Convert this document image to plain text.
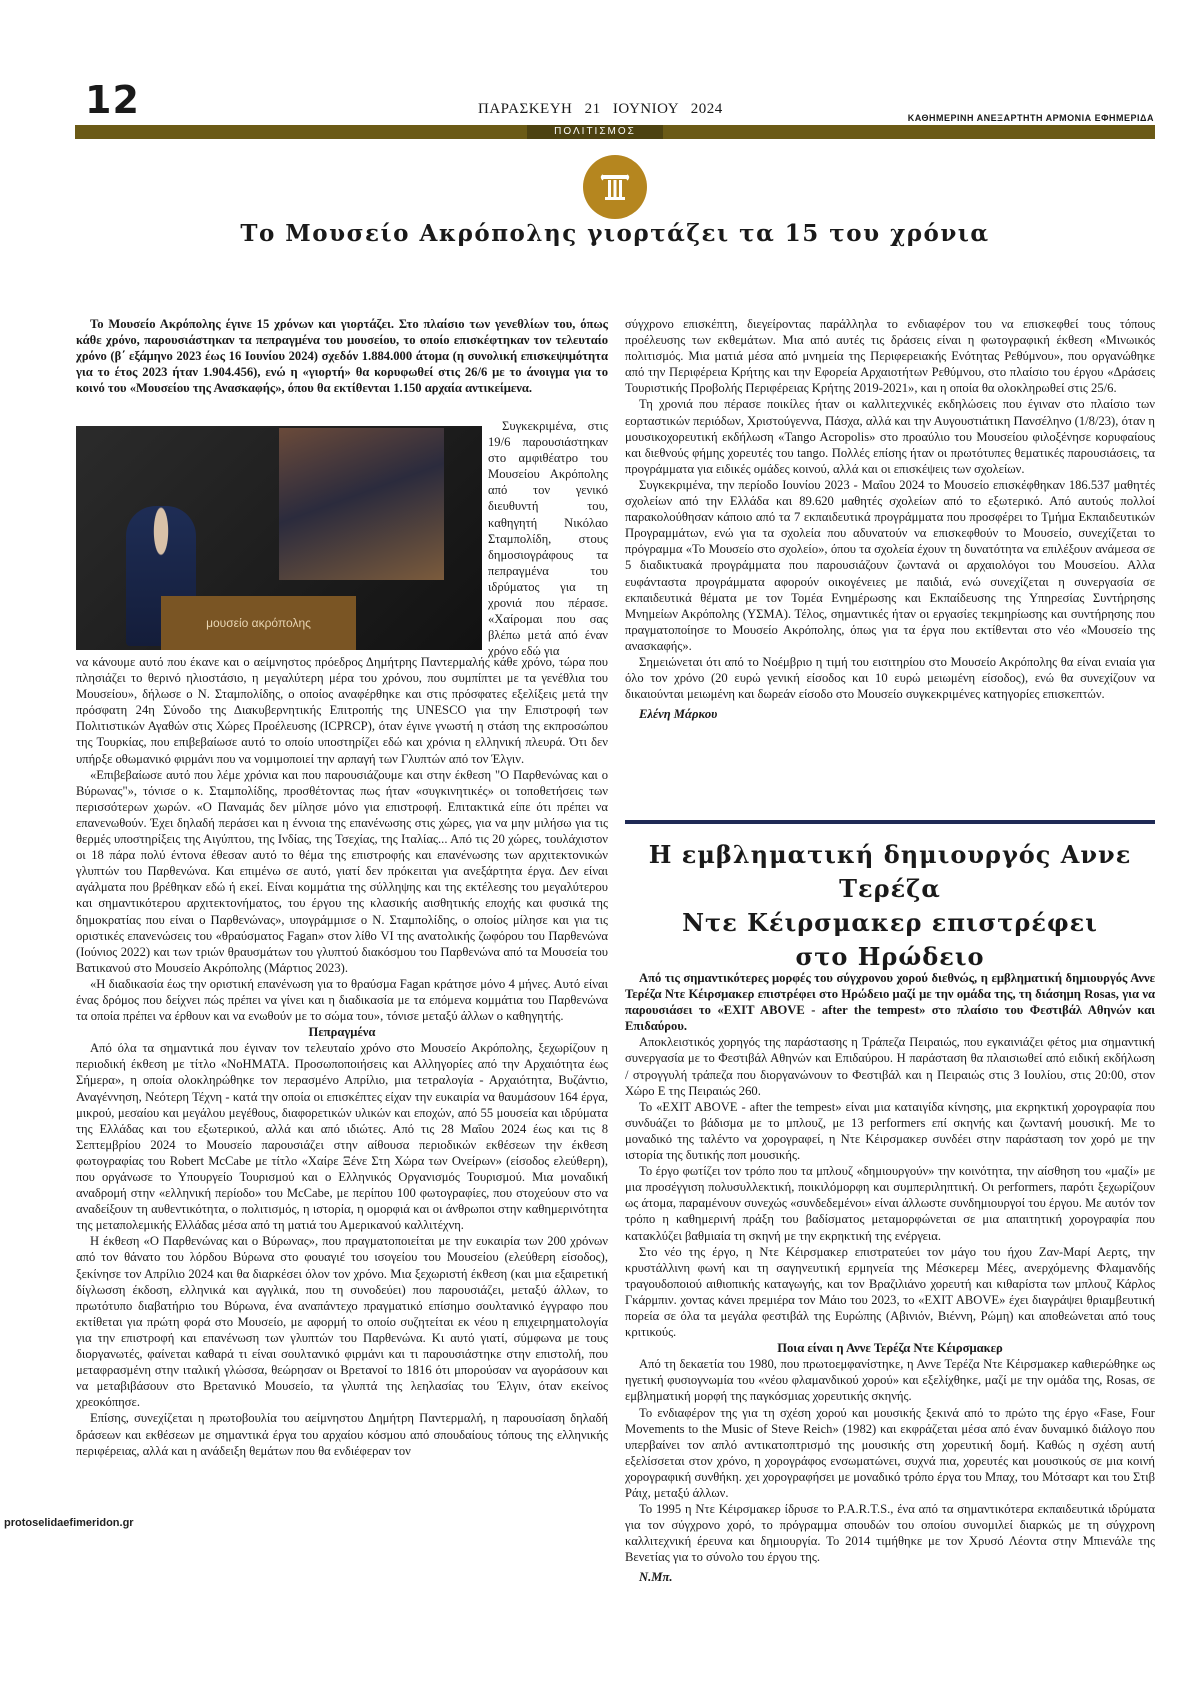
12	ΠΑΡΑΣΚΕΥΗ 21 ΙΟΥΝΙΟΥ 2024
ΚΑΘΗΜΕΡΙΝΗ ΑΝΕΞΑΡΤΗΤΗ ΑΡΜΟΝΙΑ ΕΦΗΜΕΡΙΔΑ
ΠΟΛΙΤΙΣΜΟΣ
Το Μουσείο Ακρόπολης γιορτάζει τα 15 του χρόνια

Το Μουσείο Ακρόπολης έγινε 15 χρόνων και γιορτάζει. Στο πλαίσιο των γενεθλίων του, όπως κάθε χρόνο, παρουσιάστηκαν τα πεπραγμένα του μουσείου, το οποίο επισκέφτηκαν τον τελευταίο χρόνο (β΄ εξάμηνο 2023 έως 16 Ιουνίου 2024) σχεδόν 1.884.000 άτομα (η συνολική επισκεψιμότητα για το έτος 2023 ήταν 1.904.456), ενώ η «γιορτή» θα κορυφωθεί στις 26/6 με το άνοιγμα για το κοινό του «Μουσείου της Ανασκαφής», όπου θα εκτίθενται 1.150 αρχαία αντικείμενα.

μουσείο ακρόπολης

Συγκεκριμένα, στις 19/6 παρουσιάστηκαν στο αμφιθέατρο του Μουσείου Ακρόπολης από τον γενικό διευθυντή του, καθηγητή Νικόλαο Σταμπολίδη, στους δημοσιογράφους τα πεπραγμένα του ιδρύματος για τη χρονιά που πέρασε. «Χαίρομαι που σας βλέπω μετά από έναν χρόνο εδώ για

να κάνουμε αυτό που έκανε και ο αείμνηστος πρόεδρος Δημήτρης Παντερμαλής κάθε χρόνο, τώρα που πλησιάζει το θερινό ηλιοστάσιο, η μεγαλύτερη μέρα του χρόνου, που συμπίπτει με τα γενέθλια του Μουσείου», δήλωσε ο Ν. Σταμπολίδης, ο οποίος αναφέρθηκε και στις πρόσφατες εξελίξεις μετά την πρόσφατη 24η Σύνοδο της Διακυβερνητικής Επιτροπής της UNESCO για την Επιστροφή των Πολιτιστικών Αγαθών στις Χώρες Προέλευσης (ICPRCP), όταν έγινε γνωστή η στάση της εκπροσώπου της Τουρκίας, που επιβεβαίωσε αυτό το οποίο υποστηρίζει εδώ και χρόνια η ελληνική πλευρά. Ότι δεν υπήρξε οθωμανικό φιρμάνι που να νομιμοποιεί την αρπαγή των Γλυπτών από τον Έλγιν.

«Επιβεβαίωσε αυτό που λέμε χρόνια και που παρουσιάζουμε και στην έκθεση "Ο Παρθενώνας και ο Βύρωνας"», τόνισε ο κ. Σταμπολίδης, προσθέτοντας πως ήταν «συγκινητικές» οι τοποθετήσεις των περισσότερων χωρών. «Ο Παναμάς δεν μίλησε μόνο για επιστροφή. Επιτακτικά είπε ότι πρέπει να επανενωθούν. Έχει δηλαδή περάσει και η έννοια της επανένωσης στις χώρες, για να μην μιλήσω για τις θερμές υποστηρίξεις της Αιγύπτου, της Ινδίας, της Τσεχίας, της Ιταλίας... Από τις 20 χώρες, τουλάχιστον οι 18 πάρα πολύ έντονα έθεσαν αυτό το θέμα της επιστροφής και επανένωσης των αρχιτεκτονικών γλυπτών του Παρθενώνα. Και επιμένω σε αυτό, γιατί δεν πρόκειται για ανεξάρτητα έργα. Δεν είναι αγάλματα που βρέθηκαν εδώ ή εκεί. Είναι κομμάτια της σύλληψης και της εκτέλεσης του μεγαλύτερου και σημαντικότερου αρχιτεκτονήματος, του έργου της κλασικής αισθητικής εποχής και φυσικά της δημοκρατίας που είναι ο Παρθενώνας», υπογράμμισε ο Ν. Σταμπολίδης, ο οποίος μίλησε και για τις οριστικές επανενώσεις του «θραύσματος Fagan» στον λίθο VI της ανατολικής ζωφόρου του Παρθενώνα (Ιούνιος 2022) και των τριών θραυσμάτων του γλυπτού διακόσμου του Παρθενώνα από τα Μουσεία του Βατικανού στο Μουσείο Ακρόπολης (Μάρτιος 2023).

«Η διαδικασία έως την οριστική επανένωση για το θραύσμα Fagan κράτησε μόνο 4 μήνες. Αυτό είναι ένας δρόμος που δείχνει πώς πρέπει να γίνει και η διαδικασία με τα επόμενα κομμάτια του Παρθενώνα τα οποία πρέπει να έρθουν και να ενωθούν με το σώμα του», τόνισε μεταξύ άλλων ο καθηγητής.

Πεπραγμένα

Από όλα τα σημαντικά που έγιναν τον τελευταίο χρόνο στο Μουσείο Ακρόπολης, ξεχωρίζουν η περιοδική έκθεση με τίτλο «ΝοΗΜΑΤΑ. Προσωποποιήσεις και Αλληγορίες από την Αρχαιότητα έως Σήμερα», η οποία ολοκληρώθηκε τον περασμένο Απρίλιο, μια τετραλογία - Αρχαιότητα, Βυζάντιο, Αναγέννηση, Νεότερη Τέχνη - κατά την οποία οι επισκέπτες είχαν την ευκαιρία να θαυμάσουν 164 έργα, μικρού, μεσαίου και μεγάλου μεγέθους, διαφορετικών υλικών και εποχών, από 55 μουσεία και ιδρύματα της Ελλάδας και του εξωτερικού, αλλά και από ιδιώτες. Από τις 28 Μαΐου 2024 έως και τις 8 Σεπτεμβρίου 2024 το Μουσείο παρουσιάζει στην αίθουσα περιοδικών εκθέσεων την έκθεση φωτογραφίας του Robert McCabe με τίτλο «Χαίρε Ξένε Στη Χώρα των Ονείρων» (είσοδος ελεύθερη), που οργάνωσε το Υπουργείο Τουρισμού και ο Ελληνικός Οργανισμός Τουρισμού. Μια μοναδική αναδρομή στην «ελληνική περίοδο» του McCabe, με περίπου 100 φωτογραφίες, που στοχεύουν στο να αναδείξουν τη αυθεντικότητα, ο πολιτισμός, η ιστορία, η ομορφιά και οι άνθρωποι στην καθημερινότητα της μεταπολεμικής Ελλάδας μέσα από τη ματιά του Αμερικανού καλλιτέχνη.

Η έκθεση «Ο Παρθενώνας και ο Βύρωνας», που πραγματοποιείται με την ευκαιρία των 200 χρόνων από τον θάνατο του λόρδου Βύρωνα στο φουαγιέ του ισογείου του Μουσείου (ελεύθερη είσοδος), ξεκίνησε τον Απρίλιο 2024 και θα διαρκέσει όλον τον χρόνο. Μια ξεχωριστή έκθεση (και μια εξαιρετική δίγλωσση έκδοση, ελληνικά και αγγλικά, που τη συνοδεύει) που παρουσιάζει, μεταξύ άλλων, το πρωτότυπο διαβατήριο του Βύρωνα, ένα αναπάντεχο πραγματικό επίσημο σουλτανικό έγγραφο που εκτίθεται για πρώτη φορά στο Μουσείο, με αφορμή το οποίο συζητείται εκ νέου η επιχειρηματολογία για την επιστροφή και επανένωση των γλυπτών του Παρθενώνα. Κι αυτό γιατί, σύμφωνα με τους διοργανωτές, φαίνεται καθαρά τι είναι σουλτανικό φιρμάνι και τι παρουσιάστηκε στην επιστολή, που μεταφρασμένη στην ιταλική γλώσσα, θεώρησαν οι Βρετανοί το 1816 ότι μπορούσαν να αγοράσουν και να μεταβιβάσουν στο Βρετανικό Μουσείο, τα γλυπτά της λεηλασίας του Έλγιν, όταν εκείνος χρεοκόπησε.

Επίσης, συνεχίζεται η πρωτοβουλία του αείμνηστου Δημήτρη Παντερμαλή, η παρουσίαση δηλαδή δράσεων και εκθέσεων με σημαντικά έργα του αρχαίου κόσμου από σπουδαίους τόπους της ελληνικής περιφέρειας, αλλά και η ανάδειξη θεμάτων που θα ενδιέφεραν τον

σύγχρονο επισκέπτη, διεγείροντας παράλληλα το ενδιαφέρον του να επισκεφθεί τους τόπους προέλευσης των εκθεμάτων. Μια από αυτές τις δράσεις είναι η φωτογραφική έκθεση «Μινωικός πολιτισμός. Μια ματιά μέσα από μνημεία της Περιφερειακής Ενότητας Ρεθύμνου», που οργανώθηκε από την Περιφέρεια Κρήτης και την Εφορεία Αρχαιοτήτων Ρεθύμνου, στο πλαίσιο του έργου «Δράσεις Τουριστικής Προβολής Περιφέρειας Κρήτης 2019-2021», και η οποία θα ολοκληρωθεί στις 25/6.

Τη χρονιά που πέρασε ποικίλες ήταν οι καλλιτεχνικές εκδηλώσεις που έγιναν στο πλαίσιο των εορταστικών περιόδων, Χριστούγεννα, Πάσχα, αλλά και την Αυγουστιάτικη Πανσέληνο (1/8/23), όταν η μουσικοχορευτική εκδήλωση «Tango Acropolis» στο προαύλιο του Μουσείου φιλοξένησε κορυφαίους και διεθνούς φήμης χορευτές του tango. Πολλές επίσης ήταν οι πρωτότυπες θεματικές παρουσιάσεις, τα προγράμματα για ειδικές ομάδες κοινού, αλλά και οι επισκέψεις των σχολείων.

Συγκεκριμένα, την περίοδο Ιουνίου 2023 - Μαΐου 2024 το Μουσείο επισκέφθηκαν 186.537 μαθητές σχολείων από την Ελλάδα και 89.620 μαθητές σχολείων από το εξωτερικό. Από αυτούς πολλοί παρακολούθησαν κάποιο από τα 7 εκπαιδευτικά προγράμματα που προσφέρει το Τμήμα Εκπαιδευτικών Προγραμμάτων, ενώ για τα σχολεία που αδυνατούν να επισκεφθούν το Μουσείο, συνεχίζεται το πρόγραμμα «Το Μουσείο στο σχολείο», όπου τα σχολεία έχουν τη δυνατότητα να επιλέξουν ανάμεσα σε 5 διαδικτυακά προγράμματα που παρουσιάζουν ζωντανά οι αρχαιολόγοι του Μουσείου. Αλλα ευφάνταστα προγράμματα αφορούν οικογένειες με παιδιά, ενώ συνεχίζεται η συνεργασία σε εκπαιδευτικά θέματα με τον Τομέα Ενημέρωσης και Εκπαίδευσης της Υπηρεσίας Συντήρησης Μνημείων Ακρόπολης (ΥΣΜΑ). Τέλος, σημαντικές ήταν οι εργασίες τεκμηρίωσης και συντήρησης που πραγματοποίησε το Μουσείο Ακρόπολης, όπως για τα έργα που εκτίθενται στο νέο «Μουσείο της ανασκαφής».

Σημειώνεται ότι από το Νοέμβριο η τιμή του εισιτηρίου στο Μουσείο Ακρόπολης θα είναι ενιαία για όλο τον χρόνο (20 ευρώ γενική είσοδος και 10 ευρώ μειωμένη είσοδος), ενώ θα συνεχίζουν να δικαιούνται μειωμένη και δωρεάν είσοδο στο Μουσείο συγκεκριμένες κατηγορίες επισκεπτών.

Ελένη Μάρκου

Η εμβληματική δημιουργός Αννε Τερέζα
Ντε Κέιρσμακερ επιστρέφει
στο Ηρώδειο

Από τις σημαντικότερες μορφές του σύγχρονου χορού διεθνώς, η εμβληματική δημιουργός Αννε Τερέζα Ντε Κέιρσμακερ επιστρέφει στο Ηρώδειο μαζί με την ομάδα της, τη διάσημη Rosas, για να παρουσιάσει το «EXIT ABOVE - after the tempest» στο πλαίσιο του Φεστιβάλ Αθηνών και Επιδαύρου.

Αποκλειστικός χορηγός της παράστασης η Τράπεζα Πειραιώς, που εγκαινιάζει φέτος μια σημαντική συνεργασία με το Φεστιβάλ Αθηνών και Επιδαύρου. Η παράσταση θα πλαισιωθεί από ειδική εκδήλωση / στρογγυλή τράπεζα που διοργανώνουν το Φεστιβάλ και η Πειραιώς στις 3 Ιουλίου, στις 20:00, στον Χώρο Ε της Πειραιώς 260.

Το «EXIT ABOVE - after the tempest» είναι μια καταιγίδα κίνησης, μια εκρηκτική χορογραφία που συνδυάζει το βάδισμα με το μπλουζ, με 13 performers επί σκηνής και ζωντανή μουσική. Με το μοναδικό της ταλέντο να χορογραφεί, η Ντε Κέιρσμακερ συνδέει στην παράσταση τον χορό με την ιστορία της δυτικής ποπ μουσικής.

Το έργο φωτίζει τον τρόπο που τα μπλουζ «δημιουργούν» την κοινότητα, την αίσθηση του «μαζί» με μια προσέγγιση πολυσυλλεκτική, ποικιλόμορφη και συμπεριληπτική. Οι performers, παρότι ξεχωρίζουν ως άτομα, παραμένουν συνεχώς «συνδεδεμένοι» είναι άλλωστε συνδημιουργοί του έργου. Με αυτόν τον τρόπο η καθημερινή πράξη του βαδίσματος μεταμορφώνεται σε μια απαιτητική χορογραφία που κατακλύζει βαθμιαία τη σκηνή με την εκρηκτική της ενέργεια.

Στο νέο της έργο, η Ντε Κέιρσμακερ επιστρατεύει τον μάγο του ήχου Ζαν-Μαρί Αερτς, την κρυστάλλινη φωνή και τη σαγηνευτική ερμηνεία της Μέσκερεμ Μέες, ανερχόμενης Φλαμανδής τραγουδοποιού αιθιοπικής καταγωγής, και τον Βραζιλιάνο χορευτή και κιθαρίστα των μπλουζ Κάρλος Γκάρμπιν. χοντας κάνει πρεμιέρα τον Μάιο του 2023, το «EXIT ABOVE» έχει διαγράψει θριαμβευτική πορεία σε όλα τα μεγάλα φεστιβάλ της Ευρώπης (Αβινιόν, Βιέννη, Ρώμη) και αποθεώνεται από τους κριτικούς.

Ποια είναι η Αννε Τερέζα Ντε Κέιρσμακερ

Από τη δεκαετία του 1980, που πρωτοεμφανίστηκε, η Αννε Τερέζα Ντε Κέιρσμακερ καθιερώθηκε ως ηγετική φυσιογνωμία του «νέου φλαμανδικού χορού» και εξελίχθηκε, μαζί με την ομάδα της, Rosas, σε εμβληματική μορφή της παγκόσμιας χορευτικής σκηνής.

Το ενδιαφέρον της για τη σχέση χορού και μουσικής ξεκινά από το πρώτο της έργο «Fase, Four Movements to the Music of Steve Reich» (1982) και εκφράζεται μέσα από έναν δυναμικό διάλογο που υπερβαίνει τον απλό αντικατοπτρισμό της μουσικής στη χορευτική δομή. Καθώς η σχέση αυτή εξελίσσεται στον χρόνο, η χορογράφος ενσωματώνει, συχνά πια, χορευτές και μουσικούς σε μια κοινή χορογραφική συνθήκη. χει χορογραφήσει με μοναδικό τρόπο έργα του Μπαχ, του Μότσαρτ και του Στιβ Ράιχ, μεταξύ άλλων.

Το 1995 η Ντε Κέιρσμακερ ίδρυσε το P.A.R.T.S., ένα από τα σημαντικότερα εκπαιδευτικά ιδρύματα για τον σύγχρονο χορό, το πρόγραμμα σπουδών του οποίου συνομιλεί διαρκώς με τη σύγχρονη καλλιτεχνική έρευνα και δημιουργία. Το 2014 τιμήθηκε με τον Χρυσό Λέοντα στην Μπιενάλε της Βενετίας για το σύνολο του έργου της.

Ν.Μπ.

protoselidaefimeridon.gr
